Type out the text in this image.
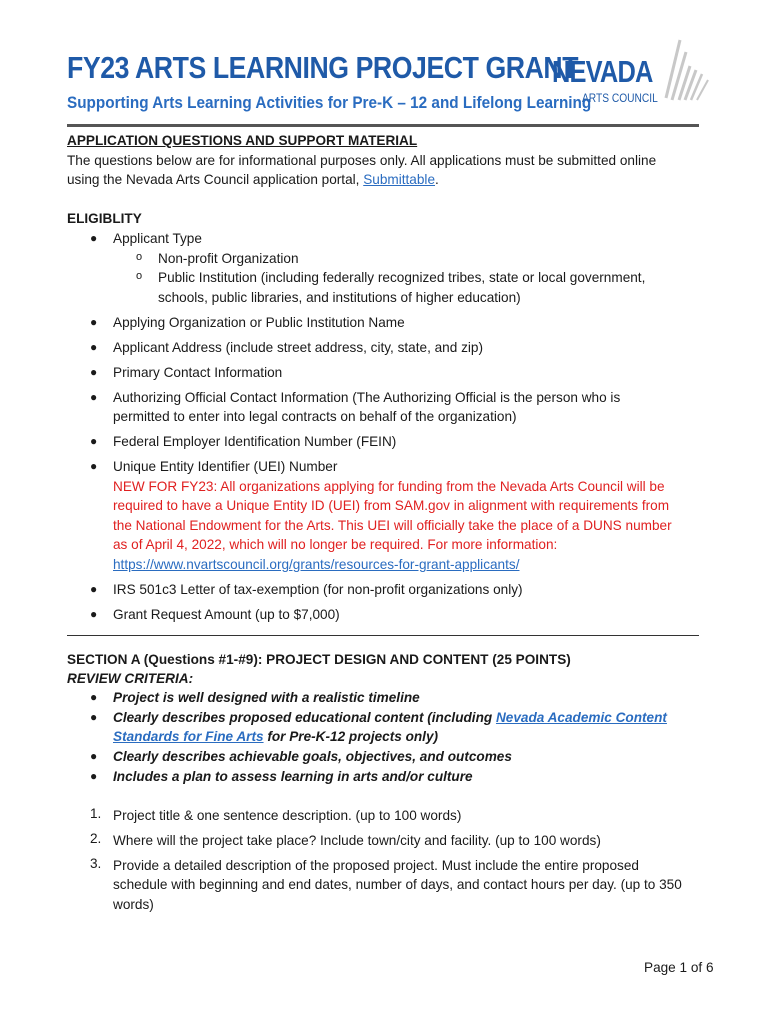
FY23 ARTS LEARNING PROJECT GRANT
Supporting Arts Learning Activities for Pre-K – 12 and Lifelong Learning
NEVADA
ARTS COUNCIL
APPLICATION QUESTIONS AND SUPPORT MATERIAL
The questions below are for informational purposes only. All applications must be submitted online
using the Nevada Arts Council application portal, Submittable.
ELIGIBLITY
● Applicant Type
o Non-profit Organization
o Public Institution (including federally recognized tribes, state or local government,
schools, public libraries, and institutions of higher education)
● Applying Organization or Public Institution Name
● Applicant Address (include street address, city, state, and zip)
● Primary Contact Information
● Authorizing Official Contact Information (The Authorizing Official is the person who is
permitted to enter into legal contracts on behalf of the organization)
● Federal Employer Identification Number (FEIN)
● Unique Entity Identifier (UEI) Number
NEW FOR FY23: All organizations applying for funding from the Nevada Arts Council will be
required to have a Unique Entity ID (UEI) from SAM.gov in alignment with requirements from
the National Endowment for the Arts. This UEI will officially take the place of a DUNS number
as of April 4, 2022, which will no longer be required. For more information:
https://www.nvartscouncil.org/grants/resources-for-grant-applicants/
● IRS 501c3 Letter of tax-exemption (for non-profit organizations only)
● Grant Request Amount (up to $7,000)
SECTION A (Questions #1-#9): PROJECT DESIGN AND CONTENT (25 POINTS)
REVIEW CRITERIA:
● Project is well designed with a realistic timeline
● Clearly describes proposed educational content (including Nevada Academic Content
Standards for Fine Arts for Pre-K-12 projects only)
● Clearly describes achievable goals, objectives, and outcomes
● Includes a plan to assess learning in arts and/or culture
1. Project title & one sentence description. (up to 100 words)
2. Where will the project take place? Include town/city and facility. (up to 100 words)
3. Provide a detailed description of the proposed project. Must include the entire proposed
schedule with beginning and end dates, number of days, and contact hours per day. (up to 350
words)
Page 1 of 6
